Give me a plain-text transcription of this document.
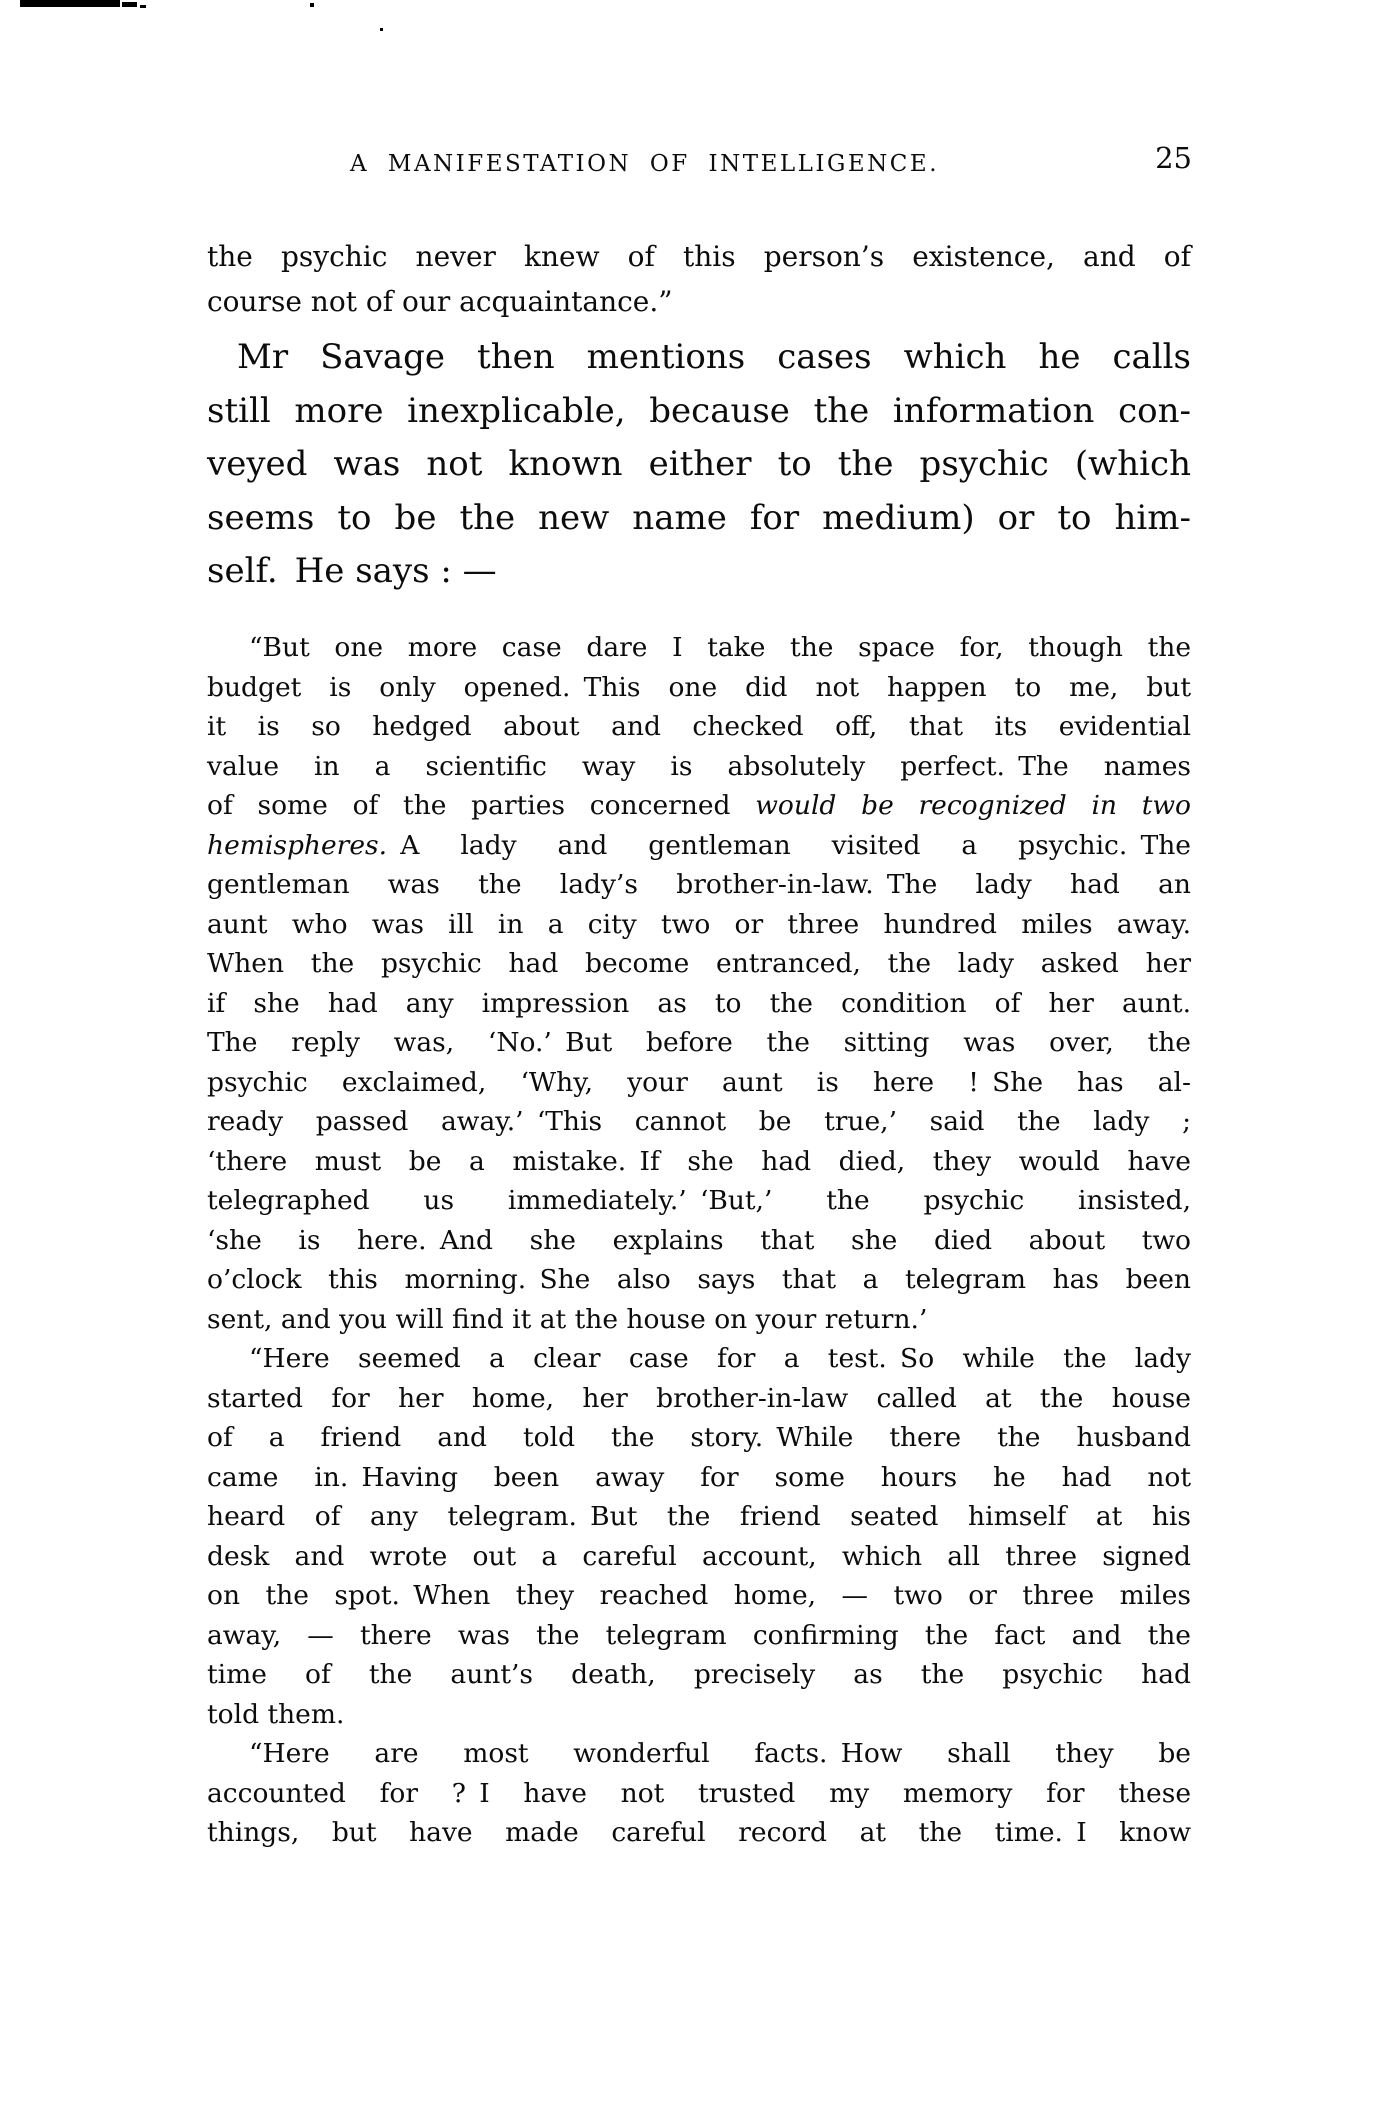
A MANIFESTATION OF INTELLIGENCE.	25
the psychic never knew of this person’s existence, and of
course not of our acquaintance.”
Mr Savage then mentions cases which he calls
still more inexplicable, because the information con-
veyed was not known either to the psychic (which
seems to be the new name for medium) or to him-
self. He says : —
“But one more case dare I take the space for, though the
budget is only opened. This one did not happen to me, but
it is so hedged about and checked off, that its evidential
value in a scientific way is absolutely perfect. The names
of some of the parties concerned would be recognized in two
hemispheres. A lady and gentleman visited a psychic. The
gentleman was the lady’s brother-in-law. The lady had an
aunt who was ill in a city two or three hundred miles away.
When the psychic had become entranced, the lady asked her
if she had any impression as to the condition of her aunt.
The reply was, ‘No.’ But before the sitting was over, the
psychic exclaimed, ‘Why, your aunt is here ! She has al-
ready passed away.’ ‘This cannot be true,’ said the lady ;
‘there must be a mistake. If she had died, they would have
telegraphed us immediately.’ ‘But,’ the psychic insisted,
‘she is here. And she explains that she died about two
o’clock this morning. She also says that a telegram has been
sent, and you will find it at the house on your return.’
“Here seemed a clear case for a test. So while the lady
started for her home, her brother-in-law called at the house
of a friend and told the story. While there the husband
came in. Having been away for some hours he had not
heard of any telegram. But the friend seated himself at his
desk and wrote out a careful account, which all three signed
on the spot. When they reached home, — two or three miles
away, — there was the telegram confirming the fact and the
time of the aunt’s death, precisely as the psychic had
told them.
“Here are most wonderful facts. How shall they be
accounted for ? I have not trusted my memory for these
things, but have made careful record at the time. I know
